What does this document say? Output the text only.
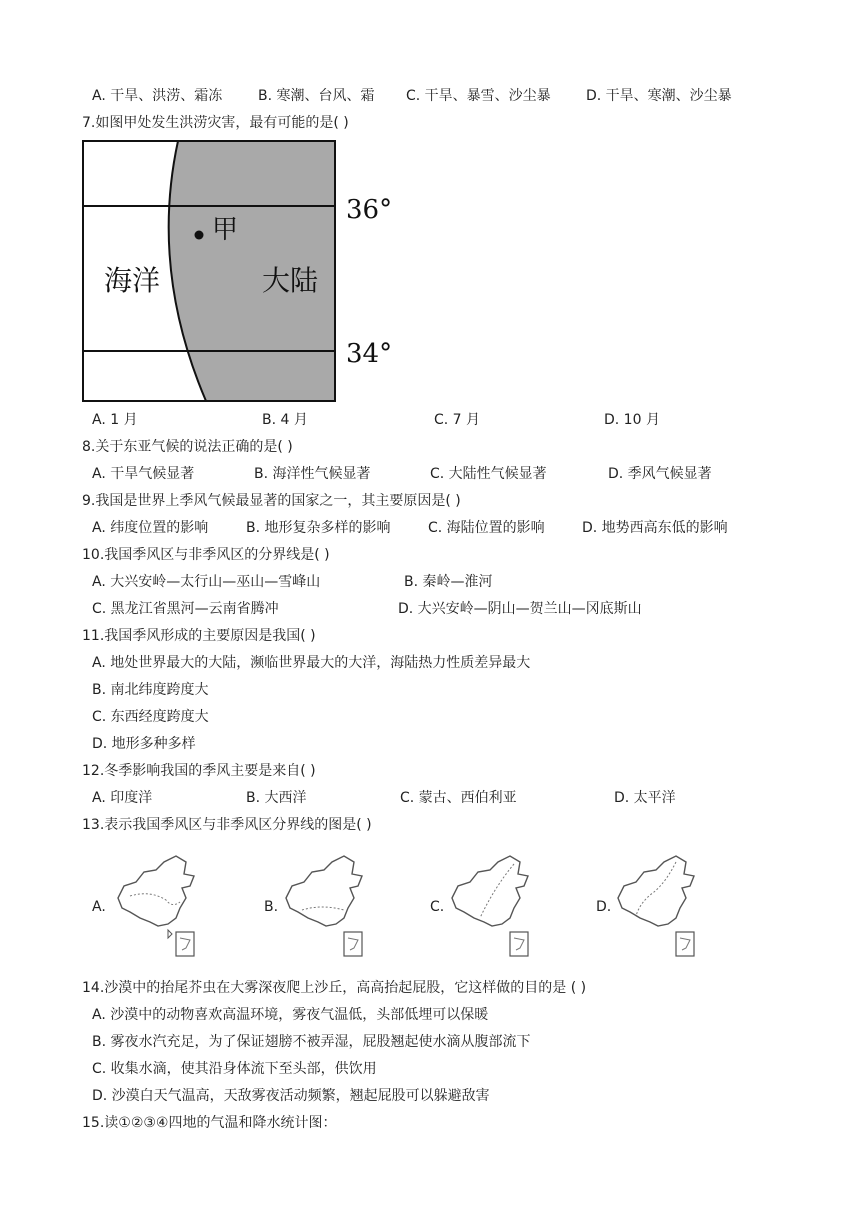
A. 干旱、洪涝、霜冻	B. 寒潮、台风、霜 C. 干旱、暴雪、沙尘暴	D. 干旱、寒潮、沙尘暴
7.如图甲处发生洪涝灾害，最有可能的是( )
甲
海洋	大陆
36°
34°
A. 1 月	B. 4 月	C. 7 月	D. 10 月
8.关于东亚气候的说法正确的是( )
A. 干旱气候显著	B. 海洋性气候显著	C. 大陆性气候显著	D. 季风气候显著
9.我国是世界上季风气候最显著的国家之一，其主要原因是( )
A. 纬度位置的影响	B. 地形复杂多样的影响	C. 海陆位置的影响	D. 地势西高东低的影响
10.我国季风区与非季风区的分界线是( )
A. 大兴安岭—太行山—巫山—雪峰山	B. 秦岭—淮河
C. 黑龙江省黑河—云南省腾冲	D. 大兴安岭—阴山—贺兰山—冈底斯山
11.我国季风形成的主要原因是我国( )
A. 地处世界最大的大陆，濒临世界最大的大洋，海陆热力性质差异最大
B. 南北纬度跨度大
C. 东西经度跨度大
D. 地形多种多样
12.冬季影响我国的季风主要是来自( )
A. 印度洋	B. 大西洋	C. 蒙古、西伯利亚	D. 太平洋
13.表示我国季风区与非季风区分界线的图是( )
A.	B.	C.	D.
14.沙漠中的抬尾芥虫在大雾深夜爬上沙丘，高高抬起屁股，它这样做的目的是 ( )
A. 沙漠中的动物喜欢高温环境，雾夜气温低，头部低埋可以保暖
B. 雾夜水汽充足，为了保证翅膀不被弄湿，屁股翘起使水滴从腹部流下
C. 收集水滴，使其沿身体流下至头部，供饮用
D. 沙漠白天气温高，天敌雾夜活动频繁，翘起屁股可以躲避敌害
15.读①②③④四地的气温和降水统计图：
